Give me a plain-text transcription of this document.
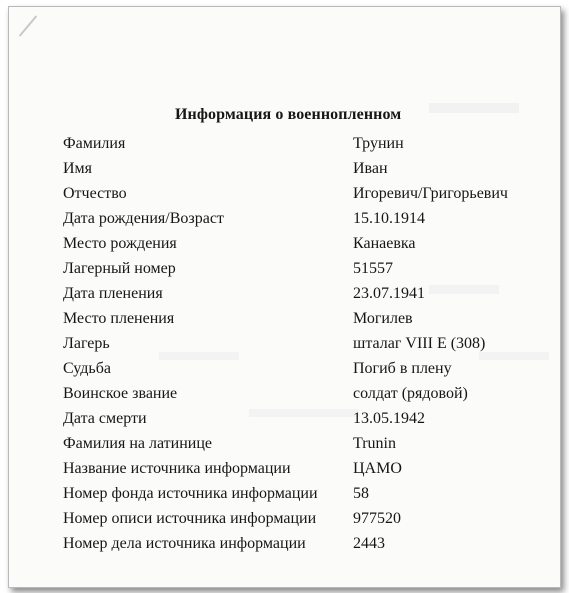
Информация о военнопленном
Фамилия	Трунин
Имя	Иван
Отчество	Игоревич/Григорьевич
Дата рождения/Возраст	15.10.1914
Место рождения	Канаевка
Лагерный номер	51557
Дата пленения	23.07.1941
Место пленения	Могилев
Лагерь	шталаг VIII E (308)
Судьба	Погиб в плену
Воинское звание	солдат (рядовой)
Дата смерти	13.05.1942
Фамилия на латинице	Trunin
Название источника информации	ЦАМО
Номер фонда источника информации 58
Номер описи источника информации 977520
Номер дела источника информации	2443
